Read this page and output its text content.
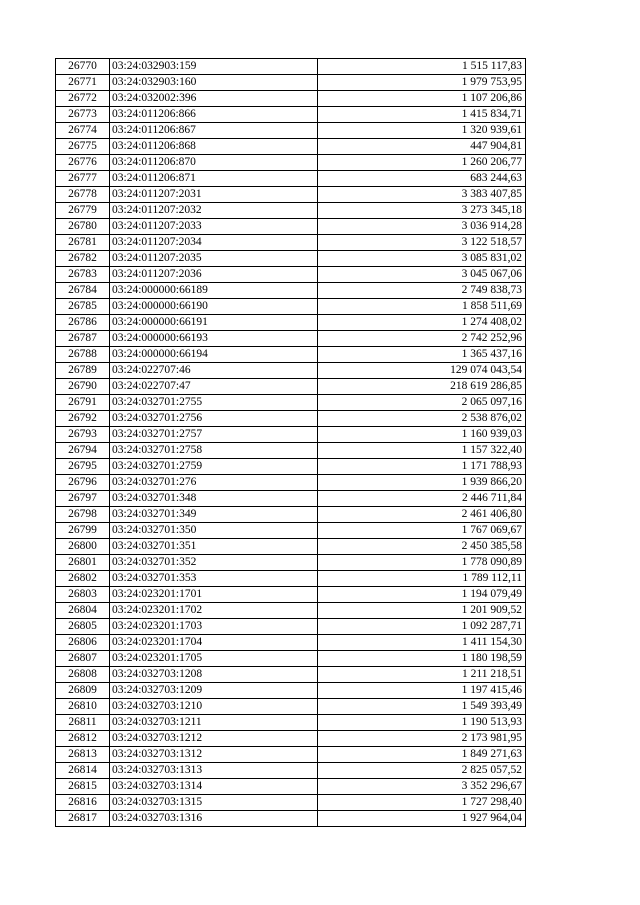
26770	03:24:032903:159	1 515 117,83
26771	03:24:032903:160	1 979 753,95
26772	03:24:032002:396	1 107 206,86
26773	03:24:011206:866	1 415 834,71
26774	03:24:011206:867	1 320 939,61
26775	03:24:011206:868	447 904,81
26776	03:24:011206:870	1 260 206,77
26777	03:24:011206:871	683 244,63
26778	03:24:011207:2031	3 383 407,85
26779	03:24:011207:2032	3 273 345,18
26780	03:24:011207:2033	3 036 914,28
26781	03:24:011207:2034	3 122 518,57
26782	03:24:011207:2035	3 085 831,02
26783	03:24:011207:2036	3 045 067,06
26784	03:24:000000:66189	2 749 838,73
26785	03:24:000000:66190	1 858 511,69
26786	03:24:000000:66191	1 274 408,02
26787	03:24:000000:66193	2 742 252,96
26788	03:24:000000:66194	1 365 437,16
26789	03:24:022707:46	129 074 043,54
26790	03:24:022707:47	218 619 286,85
26791	03:24:032701:2755	2 065 097,16
26792	03:24:032701:2756	2 538 876,02
26793	03:24:032701:2757	1 160 939,03
26794	03:24:032701:2758	1 157 322,40
26795	03:24:032701:2759	1 171 788,93
26796	03:24:032701:276	1 939 866,20
26797	03:24:032701:348	2 446 711,84
26798	03:24:032701:349	2 461 406,80
26799	03:24:032701:350	1 767 069,67
26800	03:24:032701:351	2 450 385,58
26801	03:24:032701:352	1 778 090,89
26802	03:24:032701:353	1 789 112,11
26803	03:24:023201:1701	1 194 079,49
26804	03:24:023201:1702	1 201 909,52
26805	03:24:023201:1703	1 092 287,71
26806	03:24:023201:1704	1 411 154,30
26807	03:24:023201:1705	1 180 198,59
26808	03:24:032703:1208	1 211 218,51
26809	03:24:032703:1209	1 197 415,46
26810	03:24:032703:1210	1 549 393,49
26811	03:24:032703:1211	1 190 513,93
26812	03:24:032703:1212	2 173 981,95
26813	03:24:032703:1312	1 849 271,63
26814	03:24:032703:1313	2 825 057,52
26815	03:24:032703:1314	3 352 296,67
26816	03:24:032703:1315	1 727 298,40
26817	03:24:032703:1316	1 927 964,04
